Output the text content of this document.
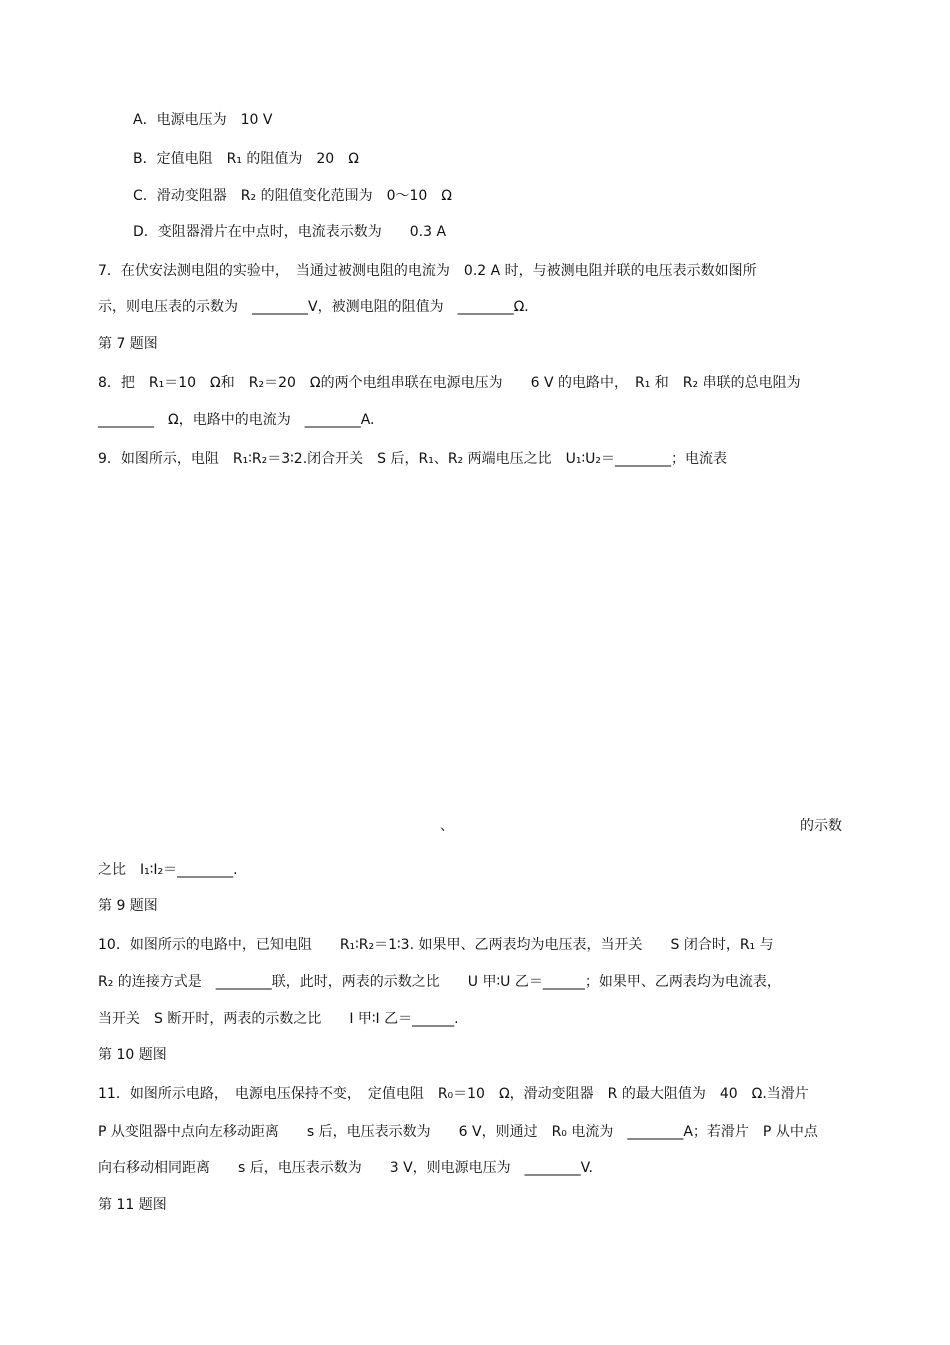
A．电源电压为　10 V
B．定值电阻　R₁ 的阻值为　20　Ω
C．滑动变阻器　R₂ 的阻值变化范围为　0～10　Ω
D．变阻器滑片在中点时，电流表示数为　　0.3 A
7．在伏安法测电阻的实验中，　当通过被测电阻的电流为　0.2 A 时，与被测电阻并联的电压表示数如图所
示，则电压表的示数为　________V，被测电阻的阻值为　________Ω．
第 7 题图
8．把　R₁＝10　Ω和　R₂＝20　Ω的两个电组串联在电源电压为　　6 V 的电路中，　R₁ 和　R₂ 串联的总电阻为
________　Ω，电路中的电流为　________A.
9．如图所示，电阻　R₁∶R₂＝3∶2.闭合开关　S 后，R₁、R₂ 两端电压之比　U₁∶U₂＝________；电流表
、	的示数
之比　I₁∶I₂＝________.
第 9 题图
10．如图所示的电路中，已知电阻　　R₁∶R₂＝1∶3. 如果甲、乙两表均为电压表，当开关　　S 闭合时，R₁ 与
R₂ 的连接方式是　________联，此时，两表的示数之比　　U 甲∶U 乙＝______；如果甲、乙两表均为电流表，
当开关　S 断开时，两表的示数之比　　I 甲∶I 乙＝______.
第 10 题图
11．如图所示电路，　电源电压保持不变，　定值电阻　R₀＝10　Ω，滑动变阻器　R 的最大阻值为　40　Ω.当滑片
P 从变阻器中点向左移动距离　　s 后，电压表示数为　　6 V，则通过　R₀ 电流为　________A；若滑片　P 从中点
向右移动相同距离　　s 后，电压表示数为　　3 V，则电源电压为　________V.
第 11 题图
